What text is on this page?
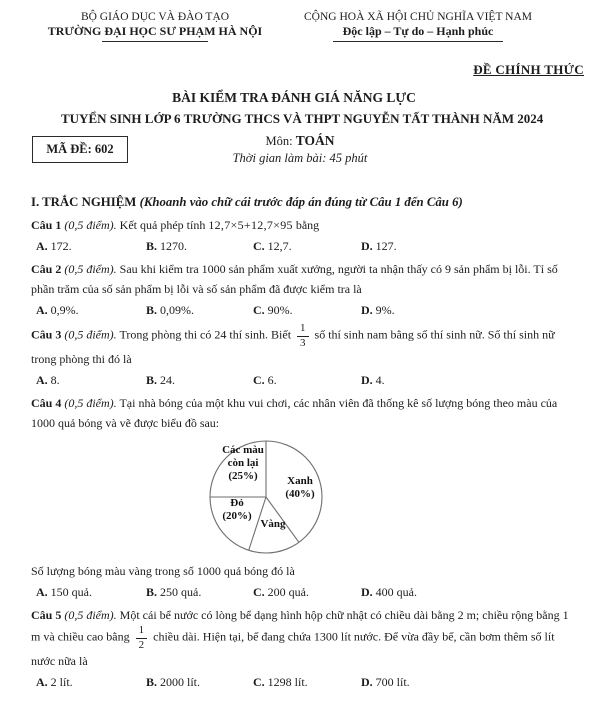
BỘ GIÁO DỤC VÀ ĐÀO TẠO
TRƯỜNG ĐẠI HỌC SƯ PHẠM HÀ NỘI
CỘNG HOÀ XÃ HỘI CHỦ NGHĨA VIỆT NAM
Độc lập – Tự do – Hạnh phúc
ĐỀ CHÍNH THỨC
BÀI KIỂM TRA ĐÁNH GIÁ NĂNG LỰC
TUYỂN SINH LỚP 6 TRƯỜNG THCS VÀ THPT NGUYỄN TẤT THÀNH NĂM 2024
MÃ ĐỀ: 602
Môn: TOÁN
Thời gian làm bài: 45 phút
I. TRẮC NGHIỆM (Khoanh vào chữ cái trước đáp án đúng từ Câu 1 đến Câu 6)
Câu 1 (0,5 điểm). Kết quả phép tính 12,7×5+12,7×95 bằng
A. 172.	B. 1270.	C. 12,7.	D. 127.
Câu 2 (0,5 điểm). Sau khi kiểm tra 1000 sản phẩm xuất xưởng, người ta nhận thấy có 9 sản phẩm bị lỗi. Tỉ số phần trăm của số sản phẩm bị lỗi và số sản phẩm đã được kiểm tra là
A. 0,9%.	B. 0,09%.	C. 90%.	D. 9%.
Câu 3 (0,5 điểm). Trong phòng thi có 24 thí sinh. Biết $\frac{1}{3}$ số thí sinh nam bằng số thí sinh nữ. Số thí sinh nữ trong phòng thi đó là
A. 8.	B. 24.	C. 6.	D. 4.
Câu 4 (0,5 điểm). Tại nhà bóng của một khu vui chơi, các nhân viên đã thống kê số lượng bóng theo màu của 1000 quả bóng và vẽ được biểu đồ sau:
Các màu
còn lại
(25%)	Xanh
(40%)
Đỏ
(20%)
Vàng
Số lượng bóng màu vàng trong số 1000 quả bóng đó là
A. 150 quả.	B. 250 quả.	C. 200 quả.	D. 400 quả.
Câu 5 (0,5 điểm). Một cái bể nước có lòng bể dạng hình hộp chữ nhật có chiều dài bằng 2 m; chiều rộng bằng 1 m và chiều cao bằng $\frac{1}{2}$ chiều dài. Hiện tại, bể đang chứa 1300 lít nước. Để vừa đầy bể, cần bơm thêm số lít nước nữa là
A. 2 lít.	B. 2000 lít.	C. 1298 lít.	D. 700 lít.
